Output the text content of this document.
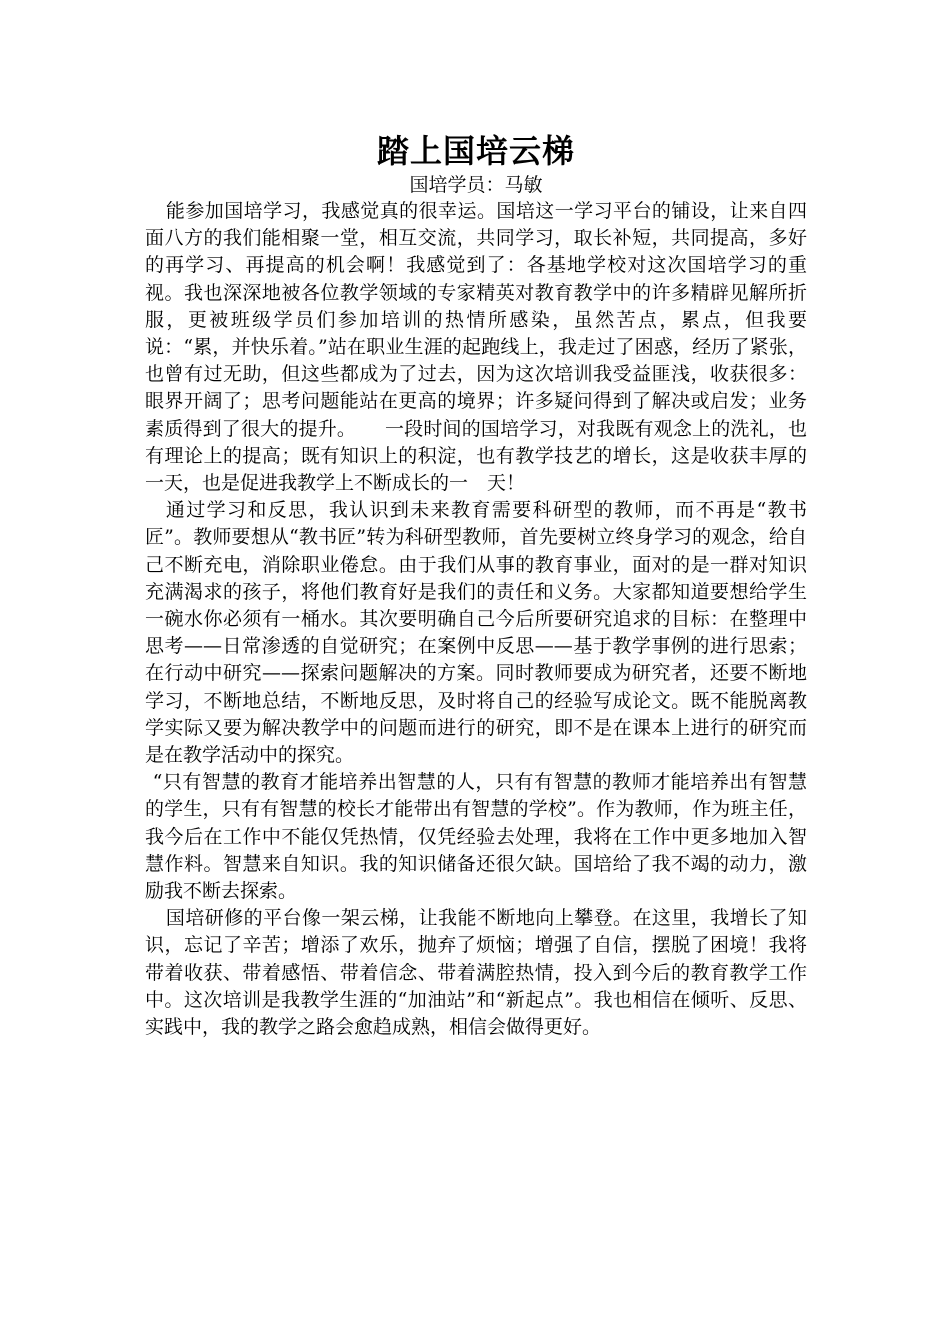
踏上国培云梯

国培学员：马敏

能参加国培学习，我感觉真的很幸运。国培这一学习平台的铺设，让来自四面八方的我们能相聚一堂，相互交流，共同学习，取长补短，共同提高，多好的再学习、再提高的机会啊！我感觉到了：各基地学校对这次国培学习的重视。我也深深地被各位教学领域的专家精英对教育教学中的许多精辟见解所折服，更被班级学员们参加培训的热情所感染，虽然苦点，累点，但我要说：“累，并快乐着。”站在职业生涯的起跑线上，我走过了困惑，经历了紧张，也曾有过无助，但这些都成为了过去，因为这次培训我受益匪浅，收获很多：眼界开阔了；思考问题能站在更高的境界；许多疑问得到了解决或启发；业务素质得到了很大的提升。　　一段时间的国培学习，对我既有观念上的洗礼，也有理论上的提高；既有知识上的积淀，也有教学技艺的增长，这是收获丰厚的　一天，也是促进我教学上不断成长的一　天！

通过学习和反思，我认识到未来教育需要科研型的教师，而不再是“教书匠”。教师要想从“教书匠”转为科研型教师，首先要树立终身学习的观念，给自己不断充电，消除职业倦怠。由于我们从事的教育事业，面对的是一群对知识充满渴求的孩子，将他们教育好是我们的责任和义务。大家都知道要想给学生一碗水你必须有一桶水。其次要明确自己今后所要研究追求的目标：在整理中思考——日常渗透的自觉研究；在案例中反思——基于教学事例的进行思索；在行动中研究——探索问题解决的方案。同时教师要成为研究者，还要不断地学习，不断地总结，不断地反思，及时将自己的经验写成论文。既不能脱离教学实际又要为解决教学中的问题而进行的研究，即不是在课本上进行的研究而是在教学活动中的探究。

“只有智慧的教育才能培养出智慧的人，只有有智慧的教师才能培养出有智慧的学生，只有有智慧的校长才能带出有智慧的学校”。作为教师，作为班主任，我今后在工作中不能仅凭热情，仅凭经验去处理，我将在工作中更多地加入智慧作料。智慧来自知识。我的知识储备还很欠缺。国培给了我不竭的动力，激励我不断去探索。

国培研修的平台像一架云梯，让我能不断地向上攀登。在这里，我增长了知识，忘记了辛苦；增添了欢乐，抛弃了烦恼；增强了自信，摆脱了困境！我将带着收获、带着感悟、带着信念、带着满腔热情，投入到今后的教育教学工作中。这次培训是我教学生涯的“加油站”和“新起点”。我也相信在倾听、反思、实践中，我的教学之路会愈趋成熟，相信会做得更好。
